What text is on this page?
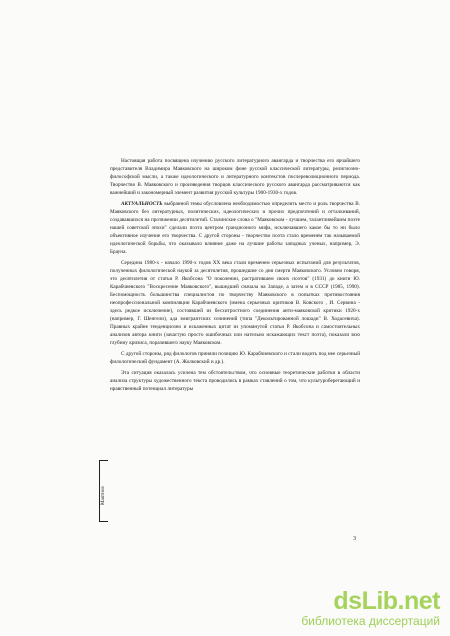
Настоящая работа посвящена изучению русского литературного авангарда и творчества его ярчайшего представителя Владимира Маяковского на широком фоне русской классической литературы, религиозно-философской мысли, а также идеологического и литературного контекстов послереволюционного периода. Творчество В. Маяковского и произведения творцов классического русского авангарда рассматриваются как важнейший и закономерный элемент развития русской культуры 1900-1930-х годов.

АКТУАЛЬНОСТЬ выбранной темы обусловлена необходимостью определить место и роль творчества В. Маяковского без литературных, политических, идеологических и прочих предпочтений и отталкиваний, создававшихся на протяжении десятилетий. Сталинские слова о "Маяковском - лучшем, талантливейшем поэте нашей советской эпохи" сделали поэта центром грандиозного мифа, исключавшего какое бы то ни было объективное изучение его творчества. С другой стороны - творчество поэта стало временем так называемой идеологической борьбы, что оказывало влияние даже на лучшие работы западных ученых, например, Э. Брауна.

Середина 1980-х - начало 1990-х годов XX века стали временем серьезных испытаний для результатов, полученных филологической наукой за десятилетия, прошедшие со дня смерти Маяковского. Условно говоря, это десятилетия от статьи Р. Якобсона "О поколении, растратившем своих поэтов" (1931) до книги Ю. Карабчиевского "Воскресение Маяковского", вышедшей сначала на Западе, а затем и в СССР (1985, 1990). Беспомощность большинства специалистов по творчеству Маяковского в попытках противостояния неопрофессиональной компиляции Карабчиевского (имена серьезных критиков В. Ковского , И. Сервина - здесь редкое исключение), состоявшей из бесхитростного соединения анти-маяковской критики 1920-х (например, Г. Шенгели), ада эмигрантских сочинений (типа "Декольтированной лошади" В. Ходасевича). Правных крайне тенденциозно и искаженных цитат из упомянутой статьи Р. Якобсона и самостоятельных анализов автора книги (зачастую просто ошибочных или нательно искажающих текст поэта), показали всю глубину кризиса, поразившего науку Маяковском.

С другой стороны, ряд филологов приняли позицию Ю. Карабчиевского и стали водить под нее серьезный филологический фундамент (А. Жолковский и др.).

Эта ситуация оказалась усилена тем обстоятельством, что основные теоретические работки в области анализа структуры художественного текста проводились в рамках ставлений о том, что культуроберегающий и нравственный потенциал литературы

Маятнов
3
dsLib.net
библиотека диссертаций
